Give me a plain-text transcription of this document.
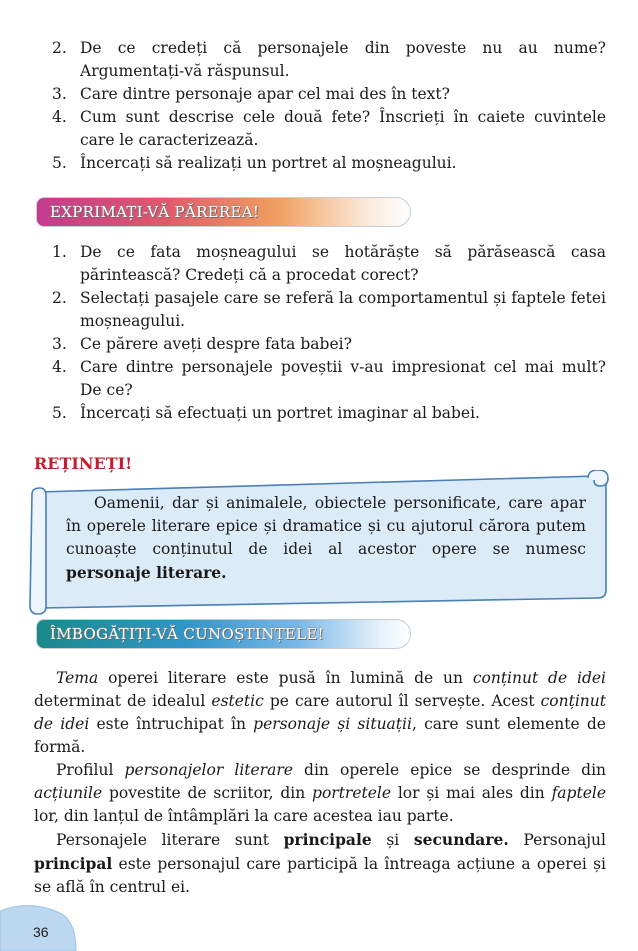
2. De ce credeți că personajele din poveste nu au nume? Argumentați-vă răspunsul.
3. Care dintre personaje apar cel mai des în text?
4. Cum sunt descrise cele două fete? Înscrieți în caiete cuvintele care le caracterizează.
5. Încercați să realizați un portret al moșneagului.
EXPRIMAȚI-VĂ PĂREREA!
1. De ce fata moșneagului se hotărăște să părăsească casa părintească? Credeți că a procedat corect?
2. Selectați pasajele care se referă la comportamentul și faptele fetei moșneagului.
3. Ce părere aveți despre fata babei?
4. Care dintre personajele poveștii v-au impresionat cel mai mult? De ce?
5. Încercați să efectuați un portret imaginar al babei.
REȚINEȚI!

Oamenii, dar și animalele, obiectele personificate, care apar în operele literare epice și dramatice și cu ajutorul cărora putem cunoaște conținutul de idei al acestor opere se numesc personaje literare.

ÎMBOGĂȚIȚI-VĂ CUNOȘTINȚELE!

Tema operei literare este pusă în lumină de un conținut de idei determinat de idealul estetic pe care autorul îl servește. Acest conținut de idei este întruchipat în personaje și situații, care sunt elemente de formă.

Profilul personajelor literare din operele epice se desprinde din acțiunile povestite de scriitor, din portretele lor și mai ales din faptele lor, din lanțul de întâmplări la care acestea iau parte.

Personajele literare sunt principale și secundare. Personajul principal este personajul care participă la întreaga acțiune a operei și se află în centrul ei.

36
